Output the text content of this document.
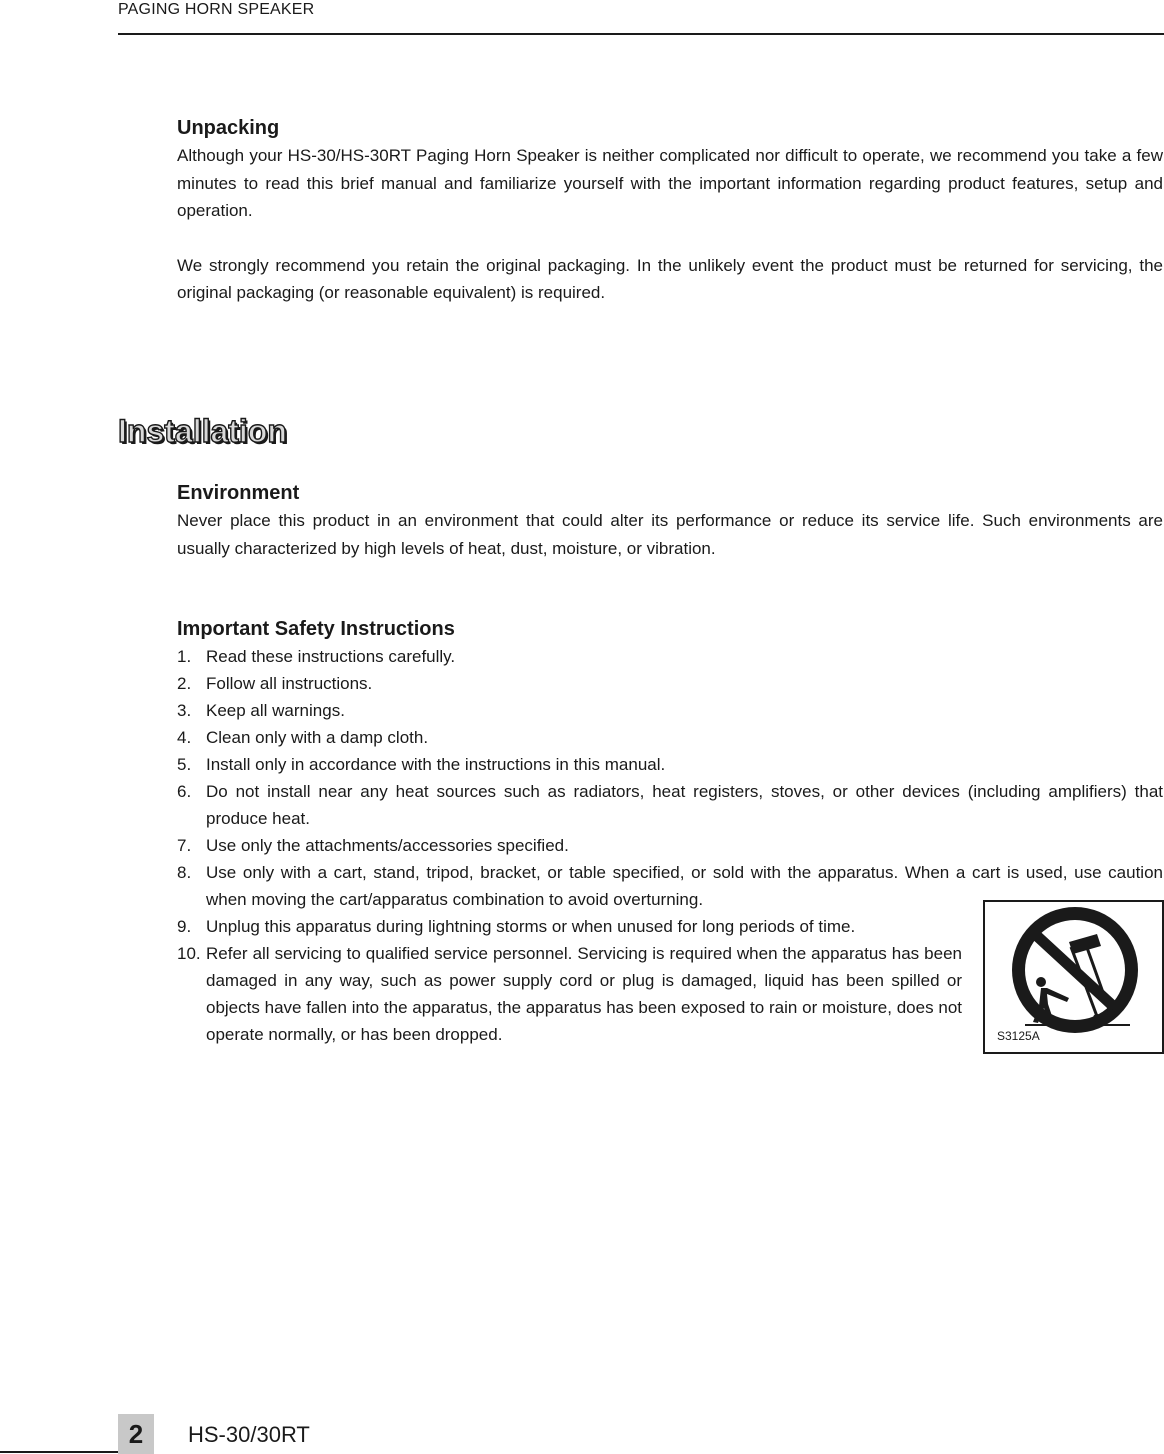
PAGING HORN SPEAKER
Unpacking

Although your HS-30/HS-30RT Paging Horn Speaker is neither complicated nor difficult to operate, we recommend you take a few minutes to read this brief manual and familiarize yourself with the important information regarding product features, setup and operation.

We strongly recommend you retain the original packaging. In the unlikely event the product must be returned for servicing, the original packaging (or reasonable equivalent) is required.

Installation
Environment

Never place this product in an environment that could alter its performance or reduce its service life. Such environments are usually characterized by high levels of heat, dust, moisture, or vibration.

Important Safety Instructions
1. Read these instructions carefully.
2. Follow all instructions.
3. Keep all warnings.
4. Clean only with a damp cloth.
5. Install only in accordance with the instructions in this manual.
6. Do not install near any heat sources such as radiators, heat registers, stoves, or other devices (including amplifiers) that produce heat.
7. Use only the attachments/accessories specified.
8. Use only with a cart, stand, tripod, bracket, or table specified, or sold with the apparatus. When a cart is used, use caution when moving the cart/apparatus combination to avoid overturning.
9. Unplug this apparatus during lightning storms or when unused for long periods of time.
10. Refer all servicing to qualified service personnel. Servicing is required when the apparatus has been damaged in any way, such as power supply cord or plug is damaged, liquid has been spilled or objects have fallen into the apparatus, the apparatus has been exposed to rain or moisture, does not operate normally, or has been dropped.	S3125A
2	HS-30/30RT
